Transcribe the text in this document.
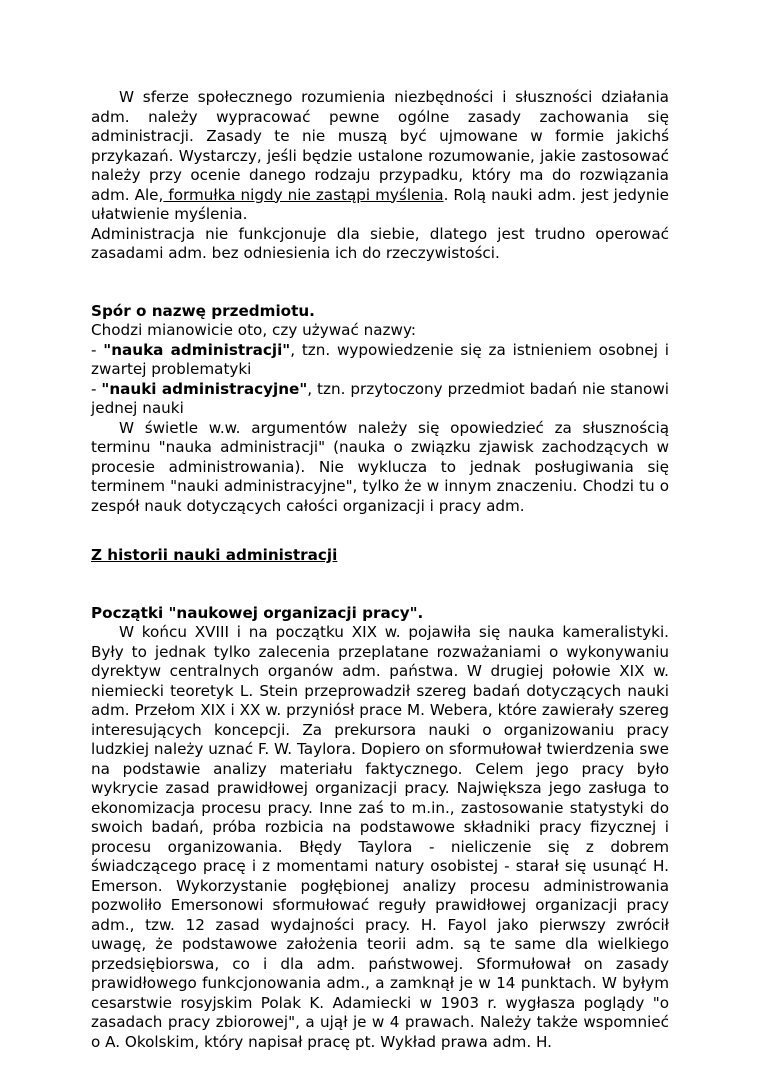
W sferze społecznego rozumienia niezbędności i słuszności działania adm. należy wypracować pewne ogólne zasady zachowania się administracji. Zasady te nie muszą być ujmowane w formie jakichś przykazań. Wystarczy, jeśli będzie ustalone rozumowanie, jakie zastosować należy przy ocenie danego rodzaju przypadku, który ma do rozwiązania adm. Ale, formułka nigdy nie zastąpi myślenia. Rolą nauki adm. jest jedynie ułatwienie myślenia.

Administracja nie funkcjonuje dla siebie, dlatego jest trudno operować zasadami adm. bez odniesienia ich do rzeczywistości.

Spór o nazwę przedmiotu.

Chodzi mianowicie oto, czy używać nazwy:

- "nauka administracji", tzn. wypowiedzenie się za istnieniem osobnej i zwartej problematyki

- "nauki administracyjne", tzn. przytoczony przedmiot badań nie stanowi jednej nauki

W świetle w.w. argumentów należy się opowiedzieć za słusznością terminu "nauka administracji" (nauka o związku zjawisk zachodzących w procesie administrowania). Nie wyklucza to jednak posługiwania się terminem "nauki administracyjne", tylko że w innym znaczeniu. Chodzi tu o zespół nauk dotyczących całości organizacji i pracy adm.

Z historii nauki administracji

Początki "naukowej organizacji pracy".

W końcu XVIII i na początku XIX w. pojawiła się nauka kameralistyki. Były to jednak tylko zalecenia przeplatane rozważaniami o wykonywaniu dyrektyw centralnych organów adm. państwa. W drugiej połowie XIX w. niemiecki teoretyk L. Stein przeprowadził szereg badań dotyczących nauki adm. Przełom XIX i XX w. przyniósł prace M. Webera, które zawierały szereg interesujących koncepcji. Za prekursora nauki o organizowaniu pracy ludzkiej należy uznać F. W. Taylora. Dopiero on sformułował twierdzenia swe na podstawie analizy materiału faktycznego. Celem jego pracy było wykrycie zasad prawidłowej organizacji pracy. Największa jego zasługa to ekonomizacja procesu pracy. Inne zaś to m.in., zastosowanie statystyki do swoich badań, próba rozbicia na podstawowe składniki pracy fizycznej i procesu organizowania. Błędy Taylora - nieliczenie się z dobrem świadczącego pracę i z momentami natury osobistej - starał się usunąć H. Emerson. Wykorzystanie pogłębionej analizy procesu administrowania pozwoliło Emersonowi sformułować reguły prawidłowej organizacji pracy adm., tzw. 12 zasad wydajności pracy. H. Fayol jako pierwszy zwrócił uwagę, że podstawowe założenia teorii adm. są te same dla wielkiego przedsiębiorswa, co i dla adm. państwowej. Sformułował on zasady prawidłowego funkcjonowania adm., a zamknął je w 14 punktach. W byłym cesarstwie rosyjskim Polak K. Adamiecki w 1903 r. wygłasza poglądy "o zasadach pracy zbiorowej", a ujął je w 4 prawach. Należy także wspomnieć o A. Okolskim, który napisał pracę pt. Wykład prawa adm. H.
